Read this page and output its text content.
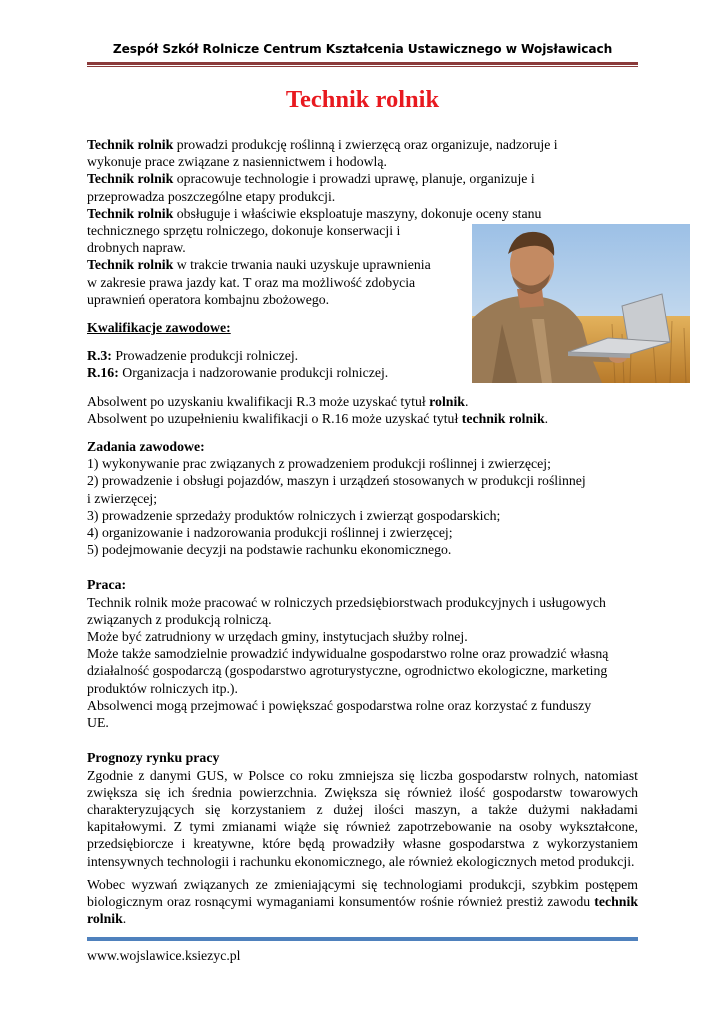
Zespół Szkół Rolnicze Centrum Kształcenia Ustawicznego w Wojsławicach
Technik rolnik

Technik rolnik prowadzi produkcję roślinną i zwierzęcą oraz organizuje, nadzoruje i

wykonuje prace związane z nasiennictwem i hodowlą.

Technik rolnik opracowuje technologie i prowadzi uprawę, planuje, organizuje i

przeprowadza poszczególne etapy produkcji.

Technik rolnik obsługuje i właściwie eksploatuje maszyny, dokonuje oceny stanu

technicznego sprzętu rolniczego, dokonuje konserwacji i

drobnych napraw.

Technik rolnik w trakcie trwania nauki uzyskuje uprawnienia

w zakresie prawa jazdy kat. T oraz ma możliwość zdobycia

uprawnień operatora kombajnu zbożowego.

Kwalifikacje zawodowe:

R.3: Prowadzenie produkcji rolniczej.

R.16: Organizacja i nadzorowanie produkcji rolniczej.

Absolwent po uzyskaniu kwalifikacji R.3 może uzyskać tytuł rolnik.

Absolwent po uzupełnieniu kwalifikacji o R.16 może uzyskać tytuł technik rolnik.

Zadania zawodowe:

1) wykonywanie prac związanych z prowadzeniem produkcji roślinnej i zwierzęcej;

2) prowadzenie i obsługi pojazdów, maszyn i urządzeń stosowanych w produkcji roślinnej

i zwierzęcej;

3) prowadzenie sprzedaży produktów rolniczych i zwierząt gospodarskich;

4) organizowanie i nadzorowania produkcji roślinnej i zwierzęcej;

5) podejmowanie decyzji na podstawie rachunku ekonomicznego.

Praca:

Technik rolnik może pracować w rolniczych przedsiębiorstwach produkcyjnych i usługowych

związanych z produkcją rolniczą.

Może być zatrudniony w urzędach gminy, instytucjach służby rolnej.

Może także samodzielnie prowadzić indywidualne gospodarstwo rolne oraz prowadzić własną

działalność gospodarczą (gospodarstwo agroturystyczne, ogrodnictwo ekologiczne, marketing

produktów rolniczych itp.).

Absolwenci mogą przejmować i powiększać gospodarstwa rolne oraz korzystać z funduszy

UE.

Prognozy rynku pracy

Zgodnie z danymi GUS, w Polsce co roku zmniejsza się liczba gospodarstw rolnych, natomiast zwiększa się ich średnia powierzchnia. Zwiększa się również ilość gospodarstw towarowych charakteryzujących się korzystaniem z dużej ilości maszyn, a także dużymi nakładami kapitałowymi. Z tymi zmianami wiąże się również zapotrzebowanie na osoby wykształcone, przedsiębiorcze i kreatywne, które będą prowadziły własne gospodarstwa z wykorzystaniem intensywnych technologii i rachunku ekonomicznego, ale również ekologicznych metod produkcji.

Wobec wyzwań związanych ze zmieniającymi się technologiami produkcji, szybkim postępem biologicznym oraz rosnącymi wymaganiami konsumentów rośnie również prestiż zawodu technik rolnik.

www.wojslawice.ksiezyc.pl
